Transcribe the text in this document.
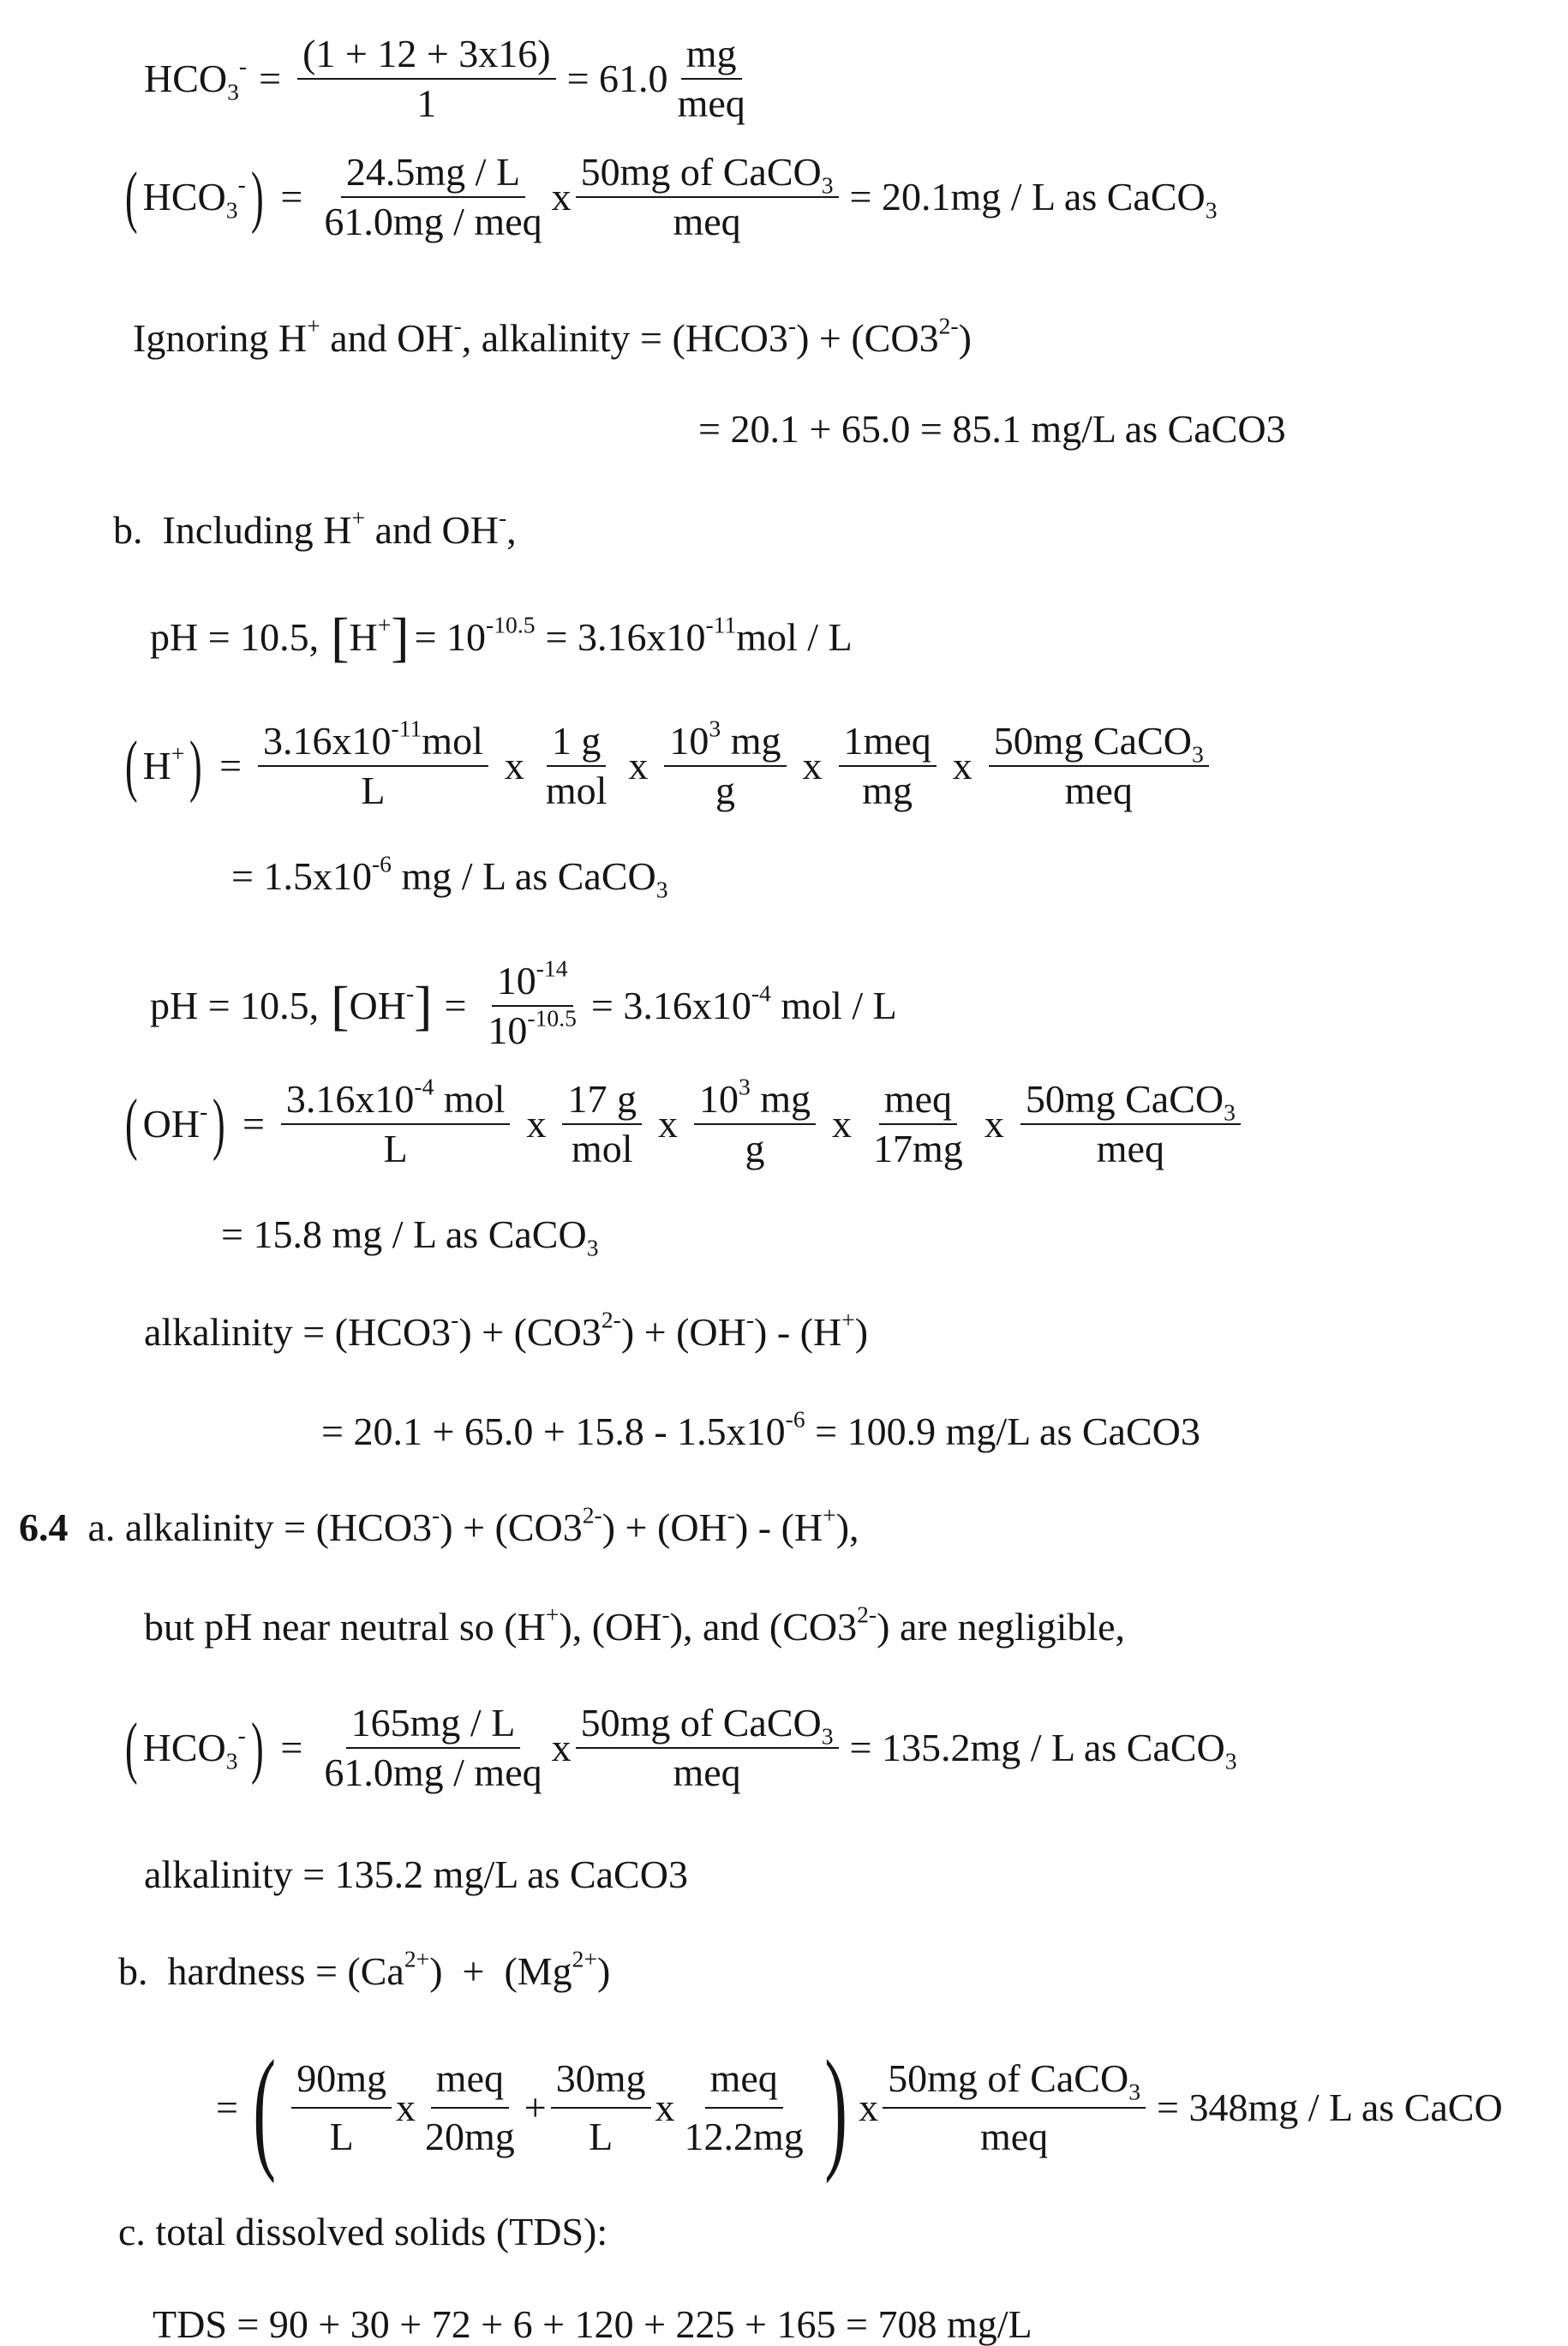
$HCO_3^- = \frac{(1 + 12 + 3x16)}{1} = 61.0 \frac{mg}{\text{meq}}$
( $HCO_3^-$ ) = $\frac{24.5mg / L}{\text{61.0mg / meq}}$ x $\frac{50mg of CaCO_3}{\text{meq}} = 20.1mg / L$ as CaCO$_3$
Ignoring H+ and OH-, alkalinity = $(HCO3^-) + (CO3^{2-})$
= 20.1 + 65.0 = 85.1 mg/L as CaCO3
b.  Including H+ and OH-,
pH = 10.5, [ H+ ] = $10^{-10.5} = 3.16x10^{-11}mol / L$
( H+ ) = $\frac{3.16x10^{-11}mol}{L}$ x $\frac{1 g}{\text{mol}}$ x $\frac{10^3 mg}{g}$ x $\frac{\text{1meq}}{mg}$ x $\frac{50mg CaCO_3}{\text{meq}}$
= $1.5x10^{-6}$ mg / L as CaCO$_3$
pH = 10.5, [ OH- ] = $\frac{10^{-14}}{10^{-10.5}} = 3.16x10^{-4}$ mol / L
( OH- ) = $\frac{3.16x10^{-4} mol}{L}$ x $\frac{17 g}{\text{mol}}$ x $\frac{10^3 mg}{g}$ x $\frac{\text{meq}}{17mg}$ x $\frac{50mg CaCO_3}{\text{meq}}$
= 15.8 mg / L as CaCO$_3$
alkalinity = $(HCO3^-) + (CO3^{2-}) + (OH^-) - (H^+)$
= $20.1 + 65.0 + 15.8 - 1.5x10^{-6} = 100.9$ mg/L as CaCO3
6.4  a. alkalinity = $(HCO3^-) + (CO3^{2-}) + (OH^-) - (H^+)$,
but pH near neutral so (H+), (OH-), and $(CO3^{2-})$ are negligible,
( $HCO_3^-$ ) = $\frac{165mg / L}{\text{61.0mg / meq}}$ x $\frac{50mg of CaCO_3}{\text{meq}} = 135.2mg / L$ as CaCO$_3$
alkalinity = 135.2 mg/L as CaCO3
b.  hardness = $(Ca^{2+}) + (Mg^{2+})$
= ( $\frac{90mg}{L}$ x $\frac{\text{meq}}{20mg} + \frac{30mg}{L}$ x $\frac{\text{meq}}{12.2mg}$ ) x $\frac{50mg of CaCO_3}{\text{meq}} = 348mg / L$ as CaCO
c. total dissolved solids (TDS):
TDS = 90 + 30 + 72 + 6 + 120 + 225 + 165 = 708 mg/L
